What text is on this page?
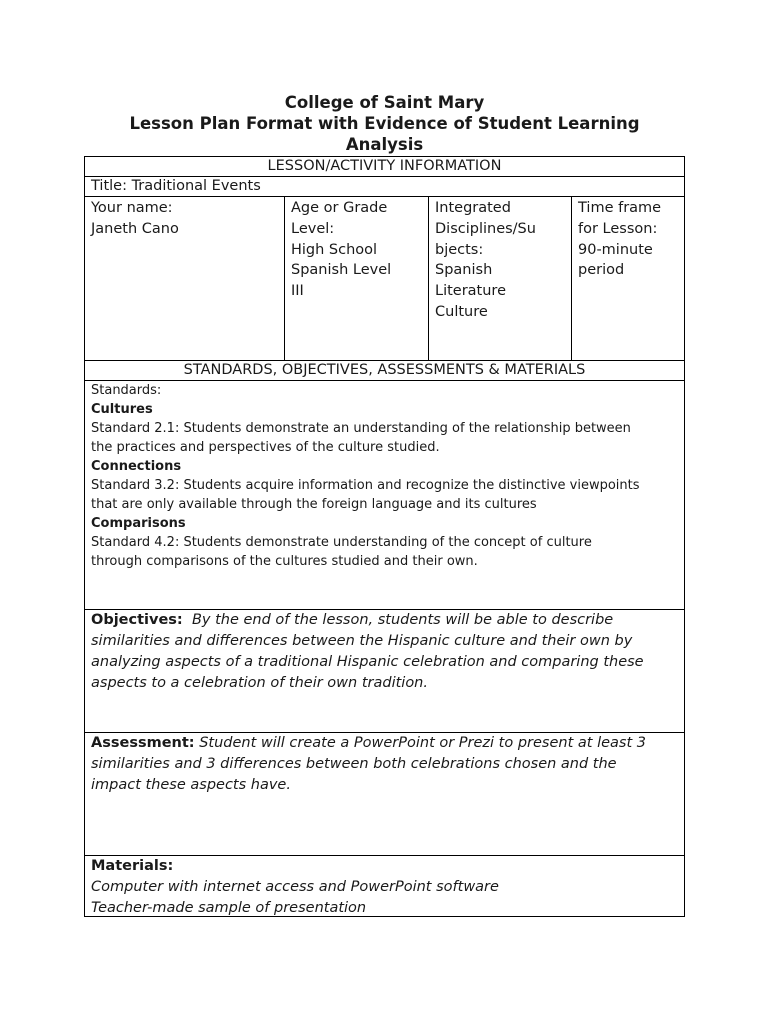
College of Saint Mary
Lesson Plan Format with Evidence of Student Learning
Analysis
LESSON/ACTIVITY INFORMATION
Title: Traditional Events
Your name:
Janeth Cano
Age or Grade
Level:
High School
Spanish Level
III
Integrated
Disciplines/Su
bjects:
Spanish
Literature
Culture
Time frame
for Lesson:
90-minute
period
STANDARDS, OBJECTIVES, ASSESSMENTS & MATERIALS
Standards:
Cultures
Standard 2.1: Students demonstrate an understanding of the relationship between
the practices and perspectives of the culture studied.
Connections
Standard 3.2: Students acquire information and recognize the distinctive viewpoints
that are only available through the foreign language and its cultures
Comparisons
Standard 4.2: Students demonstrate understanding of the concept of culture
through comparisons of the cultures studied and their own.
Objectives: By the end of the lesson, students will be able to describe
similarities and differences between the Hispanic culture and their own by
analyzing aspects of a traditional Hispanic celebration and comparing these
aspects to a celebration of their own tradition.
Assessment: Student will create a PowerPoint or Prezi to present at least 3
similarities and 3 differences between both celebrations chosen and the
impact these aspects have.
Materials:
Computer with internet access and PowerPoint software
Teacher-made sample of presentation
